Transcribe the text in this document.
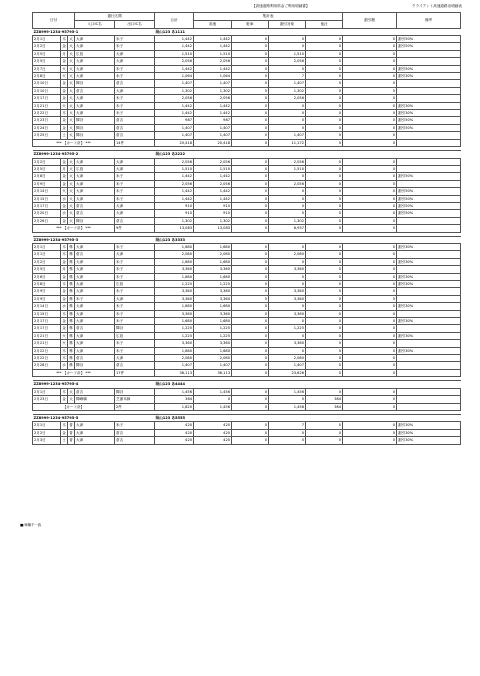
【高速道路利用料金ご利用明細書】	クライアント高速道路出明細表
日付			通行区間		合計	集計表				割引額	備考
			入口IC名	出口IC名		高速	駐車	割引対象	他社		
ZZ8999-1234-95795-1					岡山123 あ1111						
2月1日	木	大	大津	米子	1,442	1,442	0	0	0	0	割引50%
2月2日	金	大	大津	米子	1,442	1,442	0	0	0	0	割引50%
2月5日	月	大	広島	大津	1,510	1,510	0	1,510	0	0	
2月5日	金	大	大津	大津	2,056	2,056	0	2,056	0	0	
2月7日	火	大	大津	米子	1,442	1,442	0	0	0	0	割引50%
2月8日	火	大	大津	米子	1,064	1,064	0	7	0	0	割引30%
2月10日	金	大	陣谷	倉吉	1,407	1,407	0	1,407	0	0	
2月10日	金	大	倉吉	大津	1,302	1,302	0	1,302	0	0	
2月17日	金	大	大津	米子	2,056	2,056	0	2,056	0	0	
2月21日	火	大	大津	米子	1,442	1,442	0	0	0	0	割引30%
2月22日	木	大	大津	米子	1,442	1,442	0	0	0	0	割引30%
2月23日	金	大	陣谷	倉吉	987	987	0	0	0	0	割引50%
2月24日	金	大	陣谷	倉吉	1,407	1,407	0	0	0	0	割引50%
2月25日	土	大	陣谷	倉吉	1,407	1,407	0	1,407	0	0	
*** 【カード計】 ***				14件	20,418	20,418	0	11,172	0	0	

ZZ8999-1234-95795-2					岡山123 あ2222						
2月2日	金	大	大津	大津	2,056	2,056	0	2,056	0	0	
2月5日	月	大	広島	大津	1,510	1,510	0	1,510	0	0	
2月8日	金	大	大津	米子	1,442	1,442	0	0	0	0	割引50%
2月9日	金	大	大津	米子	2,056	2,056	0	2,056	0	0	
2月14日	火	大	大津	米子	1,442	1,442	0	0	0	0	割引50%
2月15日	水	大	大津	米子	1,442	1,442	0	0	0	0	割引50%
2月17日	金	大	倉吉	大津	910	910	0	0	0	0	割引50%
2月20日	水	大	倉吉	大津	910	910	0	0	0	0	割引50%
2月26日	金	大	陣谷	倉吉	1,302	1,302	0	1,302	0	0	
*** 【カード計】 ***				9件	13,083	13,083	0	6,937	0	0	

ZZ8999-1234-95795-3					岡山123 あ3333						
2月1日	木	株	大津	米子	1,680	1,680	0	0	0	0	割引30%
2月1日	木	株	倉吉	大津	2,080	2,080	0	2,080	0	0	
2月2日	金	株	大津	米子	1,680	1,680	0	0	0	0	割引30%
2月5日	月	株	大津	米子	3,360	3,360	0	3,360	0	0	
2月6日	金	株	大津	米子	1,680	1,680	0	0	0	0	割引30%
2月8日	木	株	大津	広島	1,225	1,225	0	0	0	0	割引30%
2月9日	金	株	大津	米子	3,360	3,360	0	3,360	0	0	
2月9日	金	株	米子	大津	3,360	3,360	0	3,360	0	0	
2月14日	水	株	大津	米子	1,680	1,680	0	0	0	0	割引30%
2月15日	木	株	大津	米子	3,360	3,360	0	3,360	0	0	
2月17日	金	株	大津	米子	1,680	1,680	0	0	0	0	割引30%
2月17日	金	株	倉吉	陣谷	1,225	1,225	0	1,225	0	0	
2月21日	火	株	大津	広島	1,225	1,225	0	0	0	0	割引30%
2月21日	火	株	大津	米子	3,360	3,360	0	3,360	0	0	
2月22日	木	株	大津	米子	1,680	1,680	0	0	0	0	割引30%
2月22日	木	株	倉吉	大津	2,080	2,080	0	2,080	0	0	
2月28日	水	株	陣谷	倉吉	1,407	1,407	0	1,407	0	0	
*** 【カード計】 ***				17件	36,113	36,113	0	23,626	0	0	

ZZ8999-1234-95795-4					岡山123 あ4444						
2月1日	木	大	倉吉	陣谷	1,456	1,456	0	1,456	0	0	
2月23日	金	大	陣峰橋	芝浦本線	364	0	0	0	364	0	
【カード計】				2件	1,820	1,456	0	1,456	364	0	

ZZ8999-1234-95795-5					岡山123 あ5555						
2月1日	木	普	大津	米子	420	420	0	7	0	0	割引30%
2月2日	金	普	大津	倉吉	420	420	0	0	0	0	割引30%
2月3日	土	普	大津	倉吉	420	420	0	0	0	0	割引30%

■/車種不一致
